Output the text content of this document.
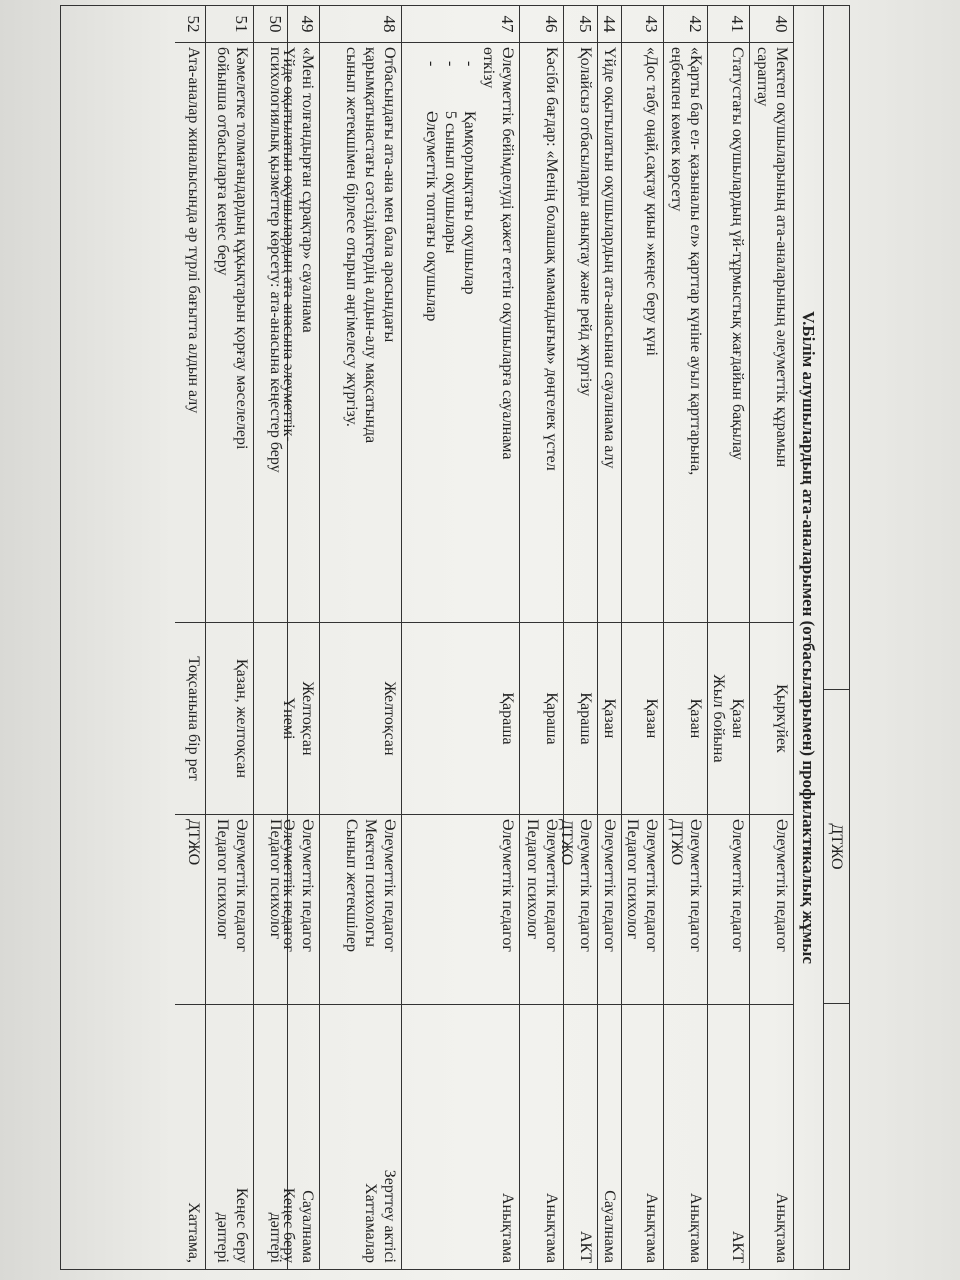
ДТЖО
V.Білім алушылардың ата-аналарымен (отбасыларымен) профилактикалық жұмыс
40
Мектеп оқушыларының ата-аналарының әлеуметтік құрамын
сараптау
Қыркүйек
Әлеуметтік педагог
Анықтама
41
Статустағы оқушылардың үй-тұрмыстық жағдайын бақылау
Қазан
Жыл бойына
Әлеуметтік педагог
АКТ
42
«Қарты бар ел- қазыналы ел» қарттар күніне ауыл қарттарына,
еңбекпен көмек көрсету
Қазан
Әлеуметтік педагог
ДТЖО
Анықтама
43
«Дос табу оңай,сақтау қиын »кеңес беру күні
Қазан
Әлеуметтік педагог
Педагог психолог
Анықтама
44
Үйде оқытылатын оқушылардың ата-анасынан сауалнама алу
Қазан
Әлеуметтік педагог
Сауалнама
45
Қолайсыз отбасыларды анықтау және рейд жүргізу
Қараша
Әлеуметтік педагог
ДТЖО
АКТ
46
Кәсіби бағдар: «Менің болашақ мамандығым» дөңгелек үстел
Қараша
Әлеуметтік педагог
Педагог психолог
Анықтама
47
Әлеуметтік бейімделуді қажет ететін оқушыларға сауалнама
өткізу
- Қамқорлықтағы оқушылар
- 5 сынып оқушылары
- Әлеуметтік топтағы оқушылар
Қараша
Әлеуметтік педагог
Анықтама
48
Отбасындағы ата-ана мен бала арасындағы
қарымқатынастағы сәтсіздіктердің алдын-алу мақсатында
сынып жетекшімен бірлесе отырып әңгімелесу жүргізу.
Желтоқсан
Әлеуметтік педагог
Мектеп психологы
Сынып жетекшілер
Зерттеу актісі
Хаттамалар
49
«Мені толғандырған сұрақтар» сауалнама
Үйде оқытылатын оқушылардың ата-анасына әлеуметтік-
Желтоқсан
Үнемі
Әлеуметтік педагог
Әлеуметтік педагог
Сауалнама
Кеңес беру
50
психологиялық қызметтер көрсету: ата-анасына кеңестер беру
Педагог психолог
дәптері
51
Кәмелетке толмағандардың құқықтарын қорғау мәселелері
бойынша отбасыларға кеңес беру
Қазан, желтоқсан
Әлеуметтік педагог
Педагог психолог
Кеңес беру
дәптері
52
Ата-аналар жиналысында әр түрлі бағытта алдын алу
Тоқсанына бір рет
ДТЖО
Хаттама,
